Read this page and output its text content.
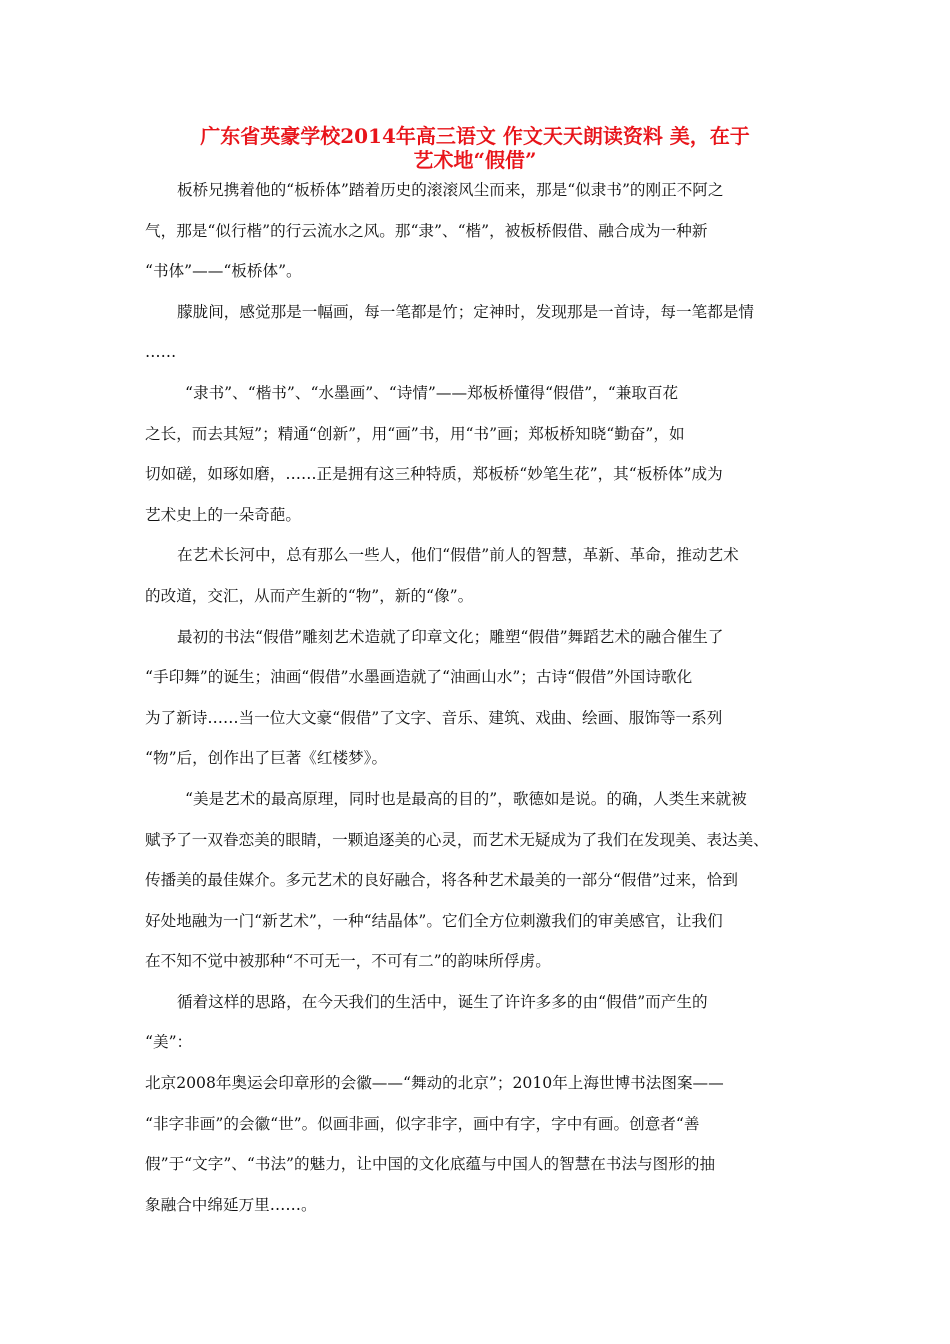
广东省英豪学校2014年高三语文 作文天天朗读资料 美，在于
艺术地“假借”
板桥兄携着他的“板桥体”踏着历史的滚滚风尘而来，那是“似隶书”的刚正不阿之
气，那是“似行楷”的行云流水之风。那“隶”、“楷”，被板桥假借、融合成为一种新
“书体”——“板桥体”。
朦胧间，感觉那是一幅画，每一笔都是竹；定神时，发现那是一首诗，每一笔都是情
……
“隶书”、“楷书”、“水墨画”、“诗情”——郑板桥懂得“假借”，“兼取百花
之长，而去其短”；精通“创新”，用“画”书，用“书”画；郑板桥知晓“勤奋”，如
切如磋，如琢如磨，……正是拥有这三种特质，郑板桥“妙笔生花”，其“板桥体”成为
艺术史上的一朵奇葩。
在艺术长河中，总有那么一些人，他们“假借”前人的智慧，革新、革命，推动艺术
的改道，交汇，从而产生新的“物”，新的“像”。
最初的书法“假借”雕刻艺术造就了印章文化；雕塑“假借”舞蹈艺术的融合催生了
“手印舞”的诞生；油画“假借”水墨画造就了“油画山水”；古诗“假借”外国诗歌化
为了新诗……当一位大文豪“假借”了文字、音乐、建筑、戏曲、绘画、服饰等一系列
“物”后，创作出了巨著《红楼梦》。
“美是艺术的最高原理，同时也是最高的目的”，歌德如是说。的确，人类生来就被
赋予了一双眷恋美的眼睛，一颗追逐美的心灵，而艺术无疑成为了我们在发现美、表达美、
传播美的最佳媒介。多元艺术的良好融合，将各种艺术最美的一部分“假借”过来，恰到
好处地融为一门“新艺术”，一种“结晶体”。它们全方位刺激我们的审美感官，让我们
在不知不觉中被那种“不可无一，不可有二”的韵味所俘虏。
循着这样的思路，在今天我们的生活中，诞生了许许多多的由“假借”而产生的
“美”：
北京2008年奥运会印章形的会徽——“舞动的北京”；2010年上海世博书法图案——
“非字非画”的会徽“世”。似画非画，似字非字，画中有字，字中有画。创意者“善
假”于“文字”、“书法”的魅力，让中国的文化底蕴与中国人的智慧在书法与图形的抽
象融合中绵延万里……。
